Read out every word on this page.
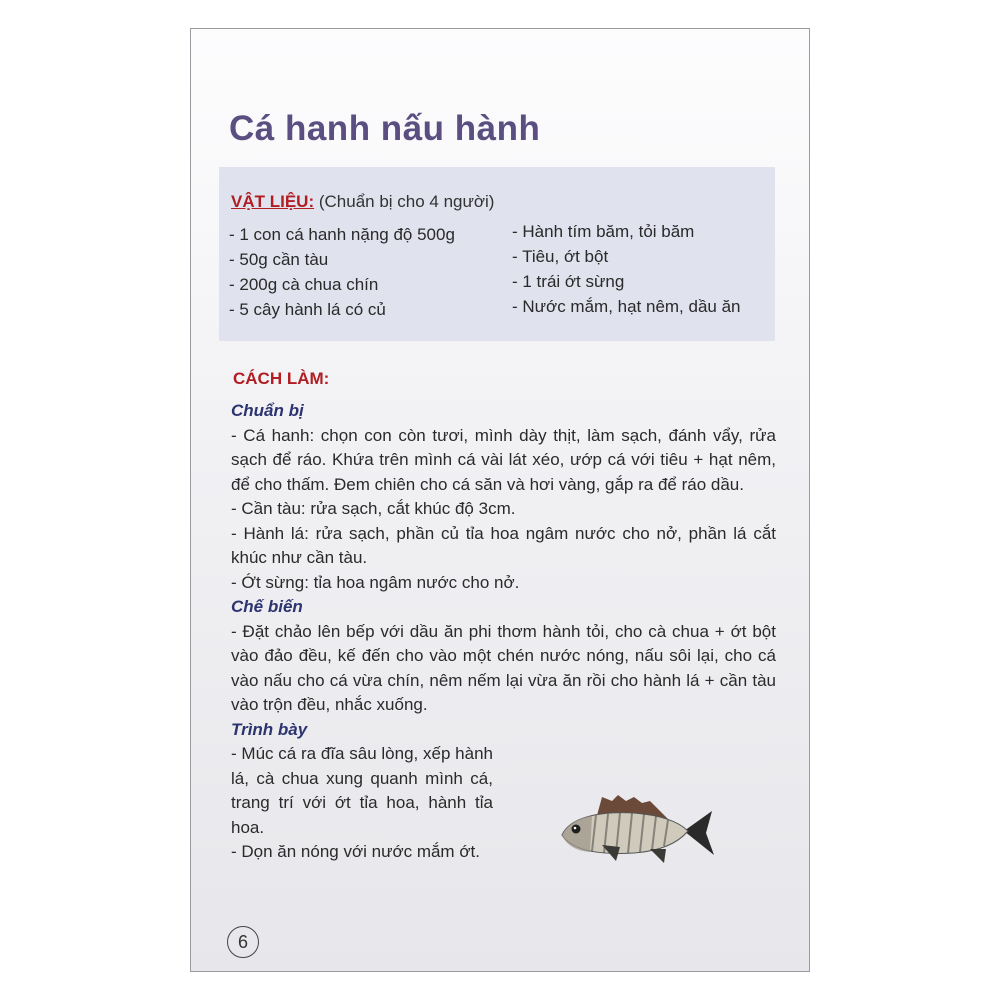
Cá hanh nấu hành
VẬT LIỆU: (Chuẩn bị cho 4 người)
- 1 con cá hanh nặng độ 500g
- 50g cần tàu
- 200g cà chua chín
- 5 cây hành lá có củ
- Hành tím băm, tỏi băm
- Tiêu, ớt bột
- 1 trái ớt sừng
- Nước mắm, hạt nêm, dầu ăn
CÁCH LÀM:
Chuẩn bị

- Cá hanh: chọn con còn tươi, mình dày thịt, làm sạch, đánh vẩy, rửa sạch để ráo. Khứa trên mình cá vài lát xéo, ướp cá với tiêu + hạt nêm, để cho thấm. Đem chiên cho cá săn và hơi vàng, gắp ra để ráo dầu.

- Cần tàu: rửa sạch, cắt khúc độ 3cm.

- Hành lá: rửa sạch, phần củ tỉa hoa ngâm nước cho nở, phần lá cắt khúc như cần tàu.

- Ớt sừng: tỉa hoa ngâm nước cho nở.

Chế biến

- Đặt chảo lên bếp với dầu ăn phi thơm hành tỏi, cho cà chua + ớt bột vào đảo đều, kế đến cho vào một chén nước nóng, nấu sôi lại, cho cá vào nấu cho cá vừa chín, nêm nếm lại vừa ăn rồi cho hành lá + cần tàu vào trộn đều, nhắc xuống.

Trình bày

- Múc cá ra đĩa sâu lòng, xếp hành lá, cà chua xung quanh mình cá, trang trí với ớt tỉa hoa, hành tỉa hoa.

- Dọn ăn nóng với nước mắm ớt.

6
